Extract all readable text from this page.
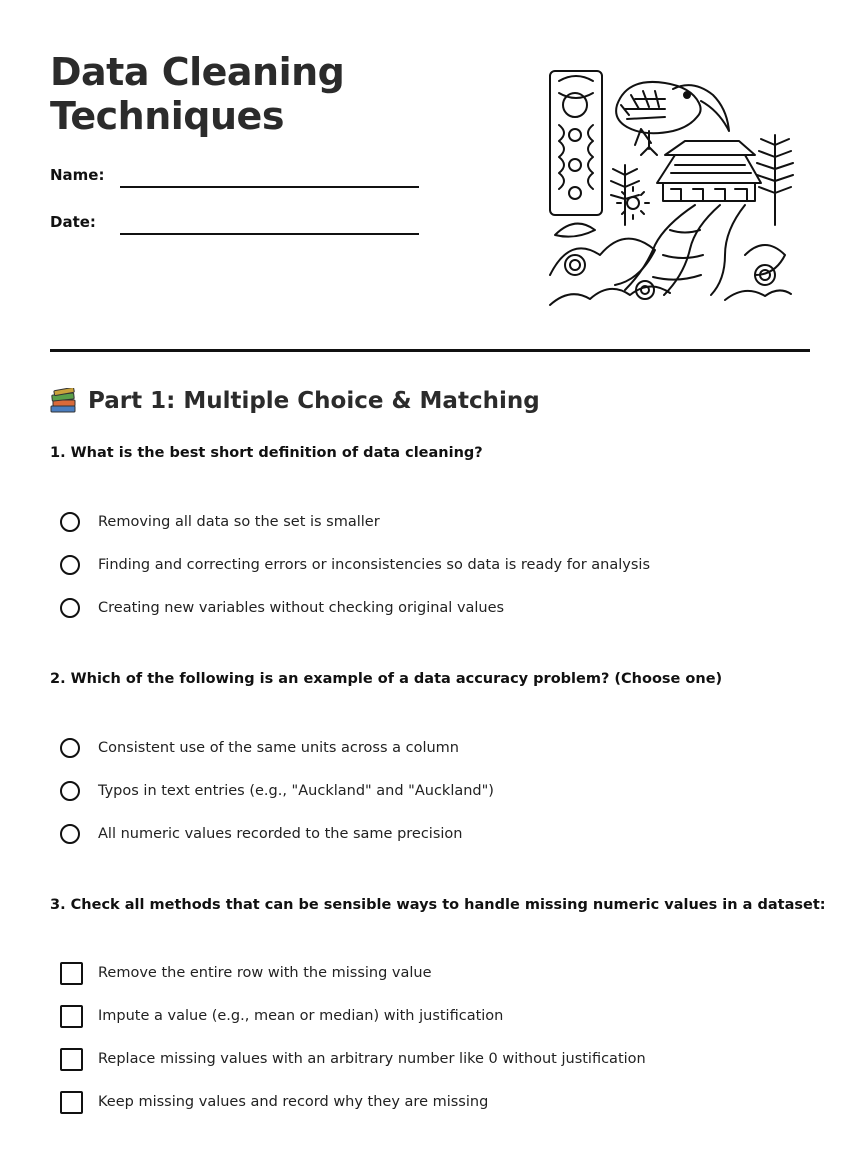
Data Cleaning
Techniques
Name:
Date:
Part 1: Multiple Choice & Matching

1. What is the best short definition of data cleaning?

Removing all data so the set is smaller
Finding and correcting errors or inconsistencies so data is ready for analysis
Creating new variables without checking original values

2. Which of the following is an example of a data accuracy problem? (Choose one)

Consistent use of the same units across a column
Typos in text entries (e.g., "Auckland" and "Auckland")
All numeric values recorded to the same precision

3. Check all methods that can be sensible ways to handle missing numeric values in a dataset:

Remove the entire row with the missing value
Impute a value (e.g., mean or median) with justification
Replace missing values with an arbitrary number like 0 without justification
Keep missing values and record why they are missing
